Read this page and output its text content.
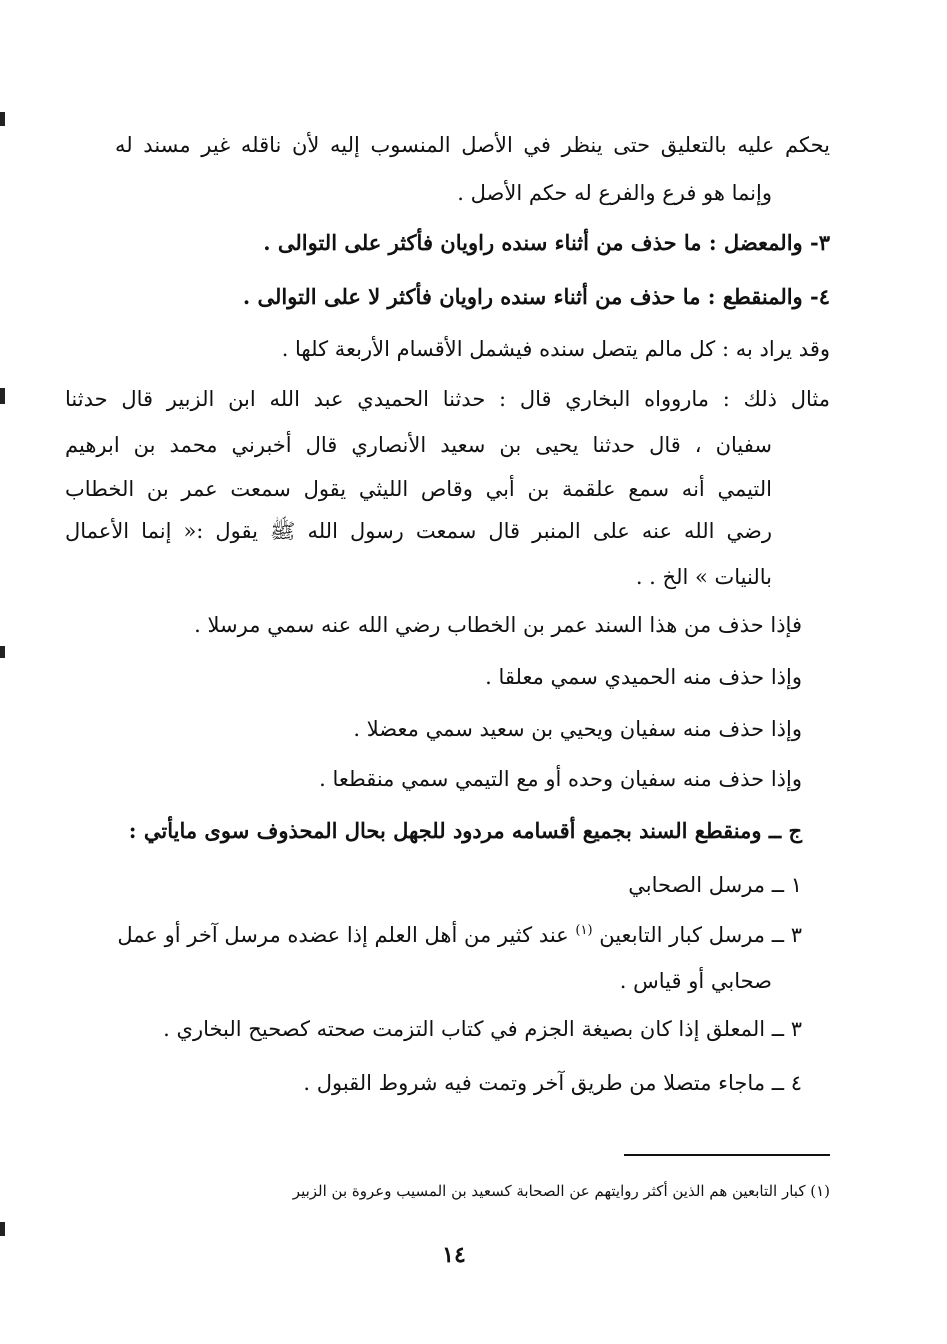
يحكم عليه بالتعليق حتى ينظر في الأصل المنسوب إليه لأن ناقله غير مسند له
وإنما هو فرع والفرع له حكم الأصل .
٣- والمعضل : ما حذف من أثناء سنده راويان فأكثر على التوالى .
٤- والمنقطع : ما حذف من أثناء سنده راويان فأكثر لا على التوالى .
وقد يراد به : كل مالم يتصل سنده فيشمل الأقسام الأربعة كلها .
مثال ذلك : ماروواه البخاري قال : حدثنا الحميدي عبد الله ابن الزبير قال حدثنا
سفيان ، قال حدثنا يحيى بن سعيد الأنصاري قال أخبرني محمد بن ابرهيم
التيمي أنه سمع علقمة بن أبي وقاص الليثي يقول سمعت عمر بن الخطاب
رضي الله عنه على المنبر قال سمعت رسول الله ﷺ يقول :« إنما الأعمال
بالنيات » الخ . .
فإذا حذف من هذا السند عمر بن الخطاب رضي الله عنه سمي مرسلا .
وإذا حذف منه الحميدي سمي معلقا .
وإذا حذف منه سفيان ويحيي بن سعيد سمي معضلا .
وإذا حذف منه سفيان وحده أو مع التيمي سمي منقطعا .
ج ــ ومنقطع السند بجميع أقسامه مردود للجهل بحال المحذوف سوى مايأتي :
١ ــ مرسل الصحابي
٣ ــ مرسل كبار التابعين $^{(١)}$ عند كثير من أهل العلم إذا عضده مرسل آخر أو عمل
صحابي أو قياس .
٣ ــ المعلق إذا كان بصيغة الجزم في كتاب التزمت صحته كصحيح البخاري .
٤ ــ ماجاء متصلا من طريق آخر وتمت فيه شروط القبول .
(١) كبار التابعين هم الذين أكثر روايتهم عن الصحابة كسعيد بن المسيب وعروة بن الزبير
١٤
